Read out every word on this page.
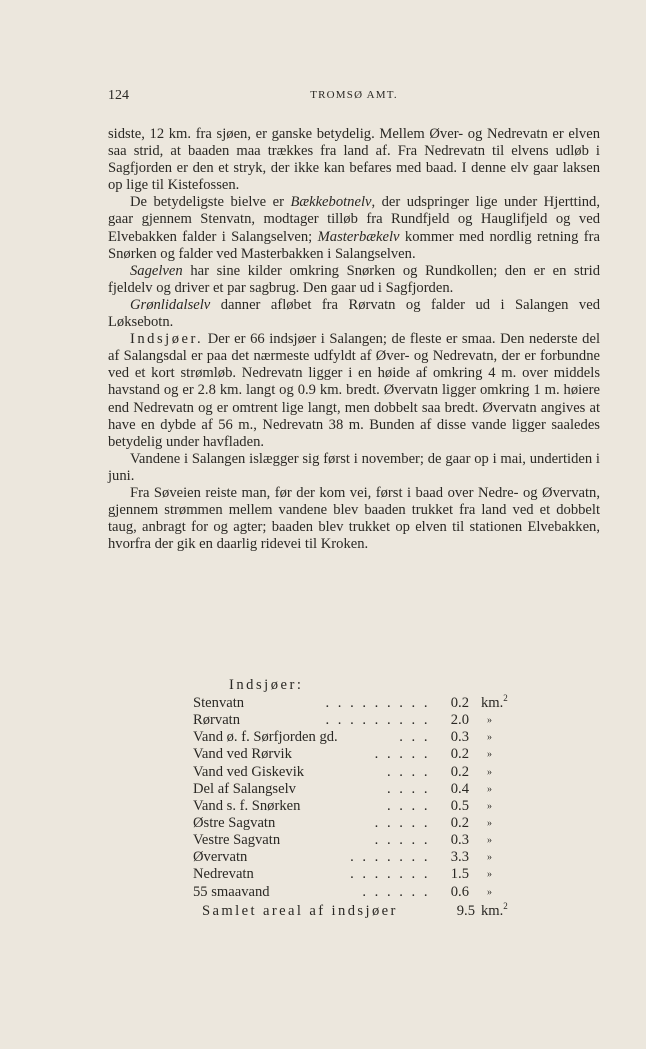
124	TROMSØ AMT.

sidste, 12 km. fra sjøen, er ganske betydelig. Mellem Øver- og Nedrevatn er elven saa strid, at baaden maa trækkes fra land af. Fra Nedrevatn til elvens udløb i Sagfjorden er den et stryk, der ikke kan befares med baad. I denne elv gaar laksen op lige til Kistefossen.

De betydeligste bielve er Bækkebotnelv, der udspringer lige under Hjerttind, gaar gjennem Stenvatn, modtager tilløb fra Rundfjeld og Hauglifjeld og ved Elvebakken falder i Salangselven; Masterbækelv kommer med nordlig retning fra Snørken og falder ved Masterbakken i Salangselven.

Sagelven har sine kilder omkring Snørken og Rundkollen; den er en strid fjeldelv og driver et par sagbrug. Den gaar ud i Sagfjorden.

Grønlidalselv danner afløbet fra Rørvatn og falder ud i Salangen ved Løksebotn.

Indsjøer. Der er 66 indsjøer i Salangen; de fleste er smaa. Den nederste del af Salangsdal er paa det nærmeste udfyldt af Øver- og Nedrevatn, der er forbundne ved et kort strømløb. Nedrevatn ligger i en høide af omkring 4 m. over middels havstand og er 2.8 km. langt og 0.9 km. bredt. Øvervatn ligger omkring 1 m. høiere end Nedrevatn og er omtrent lige langt, men dobbelt saa bredt. Øvervatn angives at have en dybde af 56 m., Nedrevatn 38 m. Bunden af disse vande ligger saaledes betydelig under havfladen.

Vandene i Salangen islægger sig først i november; de gaar op i mai, undertiden i juni.

Fra Søveien reiste man, før der kom vei, først i baad over Nedre- og Øvervatn, gjennem strømmen mellem vandene blev baaden trukket fra land ved et dobbelt taug, anbragt for og agter; baaden blev trukket op elven til stationen Elvebakken, hvorfra der gik en daarlig ridevei til Kroken.

Indsjøer:
Stenvatn	. . . . . . . . .	0.2 km.$^2$
Rørvatn	. . . . . . . . .	2.0 »
Vand ø. f. Sørfjorden gd.	. . .	0.3 »
Vand ved Rørvik	. . . . .	0.2 »
Vand ved Giskevik	. . . .	0.2 »
Del af Salangselv	. . . .	0.4 »
Vand s. f. Snørken	. . . .	0.5 »
Østre Sagvatn	. . . . .	0.2 »
Vestre Sagvatn	. . . . .	0.3 »
Øvervatn	. . . . . . .	3.3 »
Nedrevatn	. . . . . . .	1.5 »
55 smaavand	. . . . . .	0.6 »
Samlet areal af indsjøer	9.5 km.$^2$
